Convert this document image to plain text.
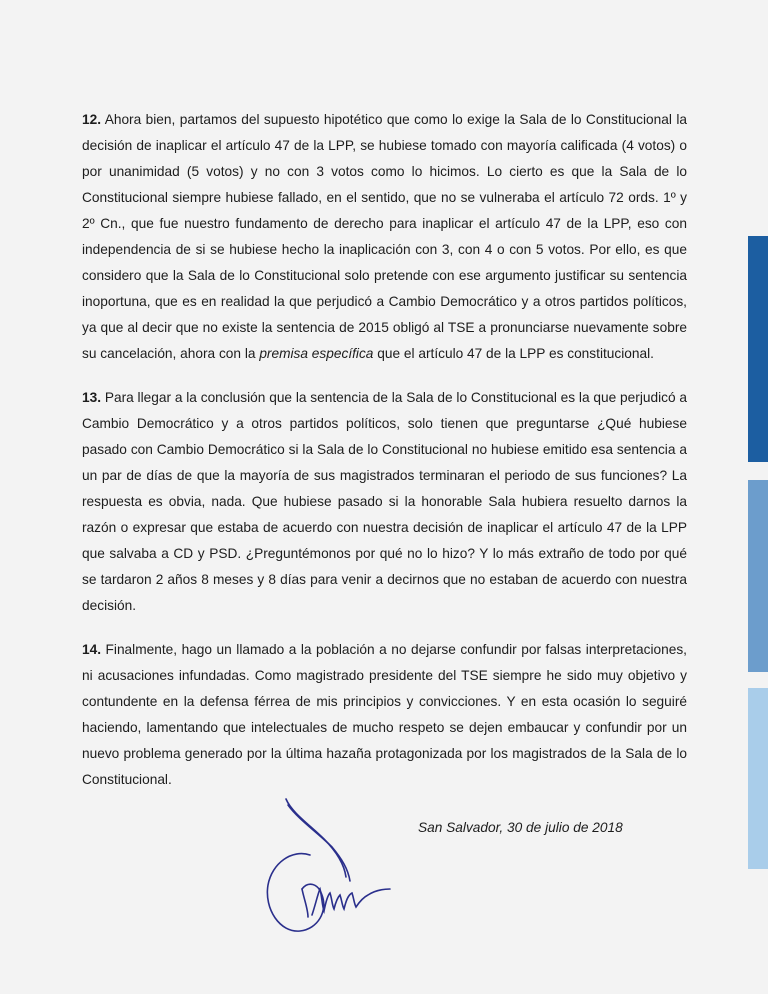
12. Ahora bien, partamos del supuesto hipotético que como lo exige la Sala de lo Constitucional la decisión de inaplicar el artículo 47 de la LPP, se hubiese tomado con mayoría calificada (4 votos) o por unanimidad (5 votos) y no con 3 votos como lo hicimos. Lo cierto es que la Sala de lo Constitucional siempre hubiese fallado, en el sentido, que no se vulneraba el artículo 72 ords. 1º y 2º Cn., que fue nuestro fundamento de derecho para inaplicar el artículo 47 de la LPP, eso con independencia de si se hubiese hecho la inaplicación con 3, con 4 o con 5 votos. Por ello, es que considero que la Sala de lo Constitucional solo pretende con ese argumento justificar su sentencia inoportuna, que es en realidad la que perjudicó a Cambio Democrático y a otros partidos políticos, ya que al decir que no existe la sentencia de 2015 obligó al TSE a pronunciarse nuevamente sobre su cancelación, ahora con la premisa específica que el artículo 47 de la LPP es constitucional.

13. Para llegar a la conclusión que la sentencia de la Sala de lo Constitucional es la que perjudicó a Cambio Democrático y a otros partidos políticos, solo tienen que preguntarse ¿Qué hubiese pasado con Cambio Democrático si la Sala de lo Constitucional no hubiese emitido esa sentencia a un par de días de que la mayoría de sus magistrados terminaran el periodo de sus funciones? La respuesta es obvia, nada. Que hubiese pasado si la honorable Sala hubiera resuelto darnos la razón o expresar que estaba de acuerdo con nuestra decisión de inaplicar el artículo 47 de la LPP que salvaba a CD y PSD. ¿Preguntémonos por qué no lo hizo? Y lo más extraño de todo por qué se tardaron 2 años 8 meses y 8 días para venir a decirnos que no estaban de acuerdo con nuestra decisión.

14. Finalmente, hago un llamado a la población a no dejarse confundir por falsas interpretaciones, ni acusaciones infundadas. Como magistrado presidente del TSE siempre he sido muy objetivo y contundente en la defensa férrea de mis principios y convicciones. Y en esta ocasión lo seguiré haciendo, lamentando que intelectuales de mucho respeto se dejen embaucar y confundir por un nuevo problema generado por la última hazaña protagonizada por los magistrados de la Sala de lo Constitucional.

San Salvador, 30 de julio de 2018
